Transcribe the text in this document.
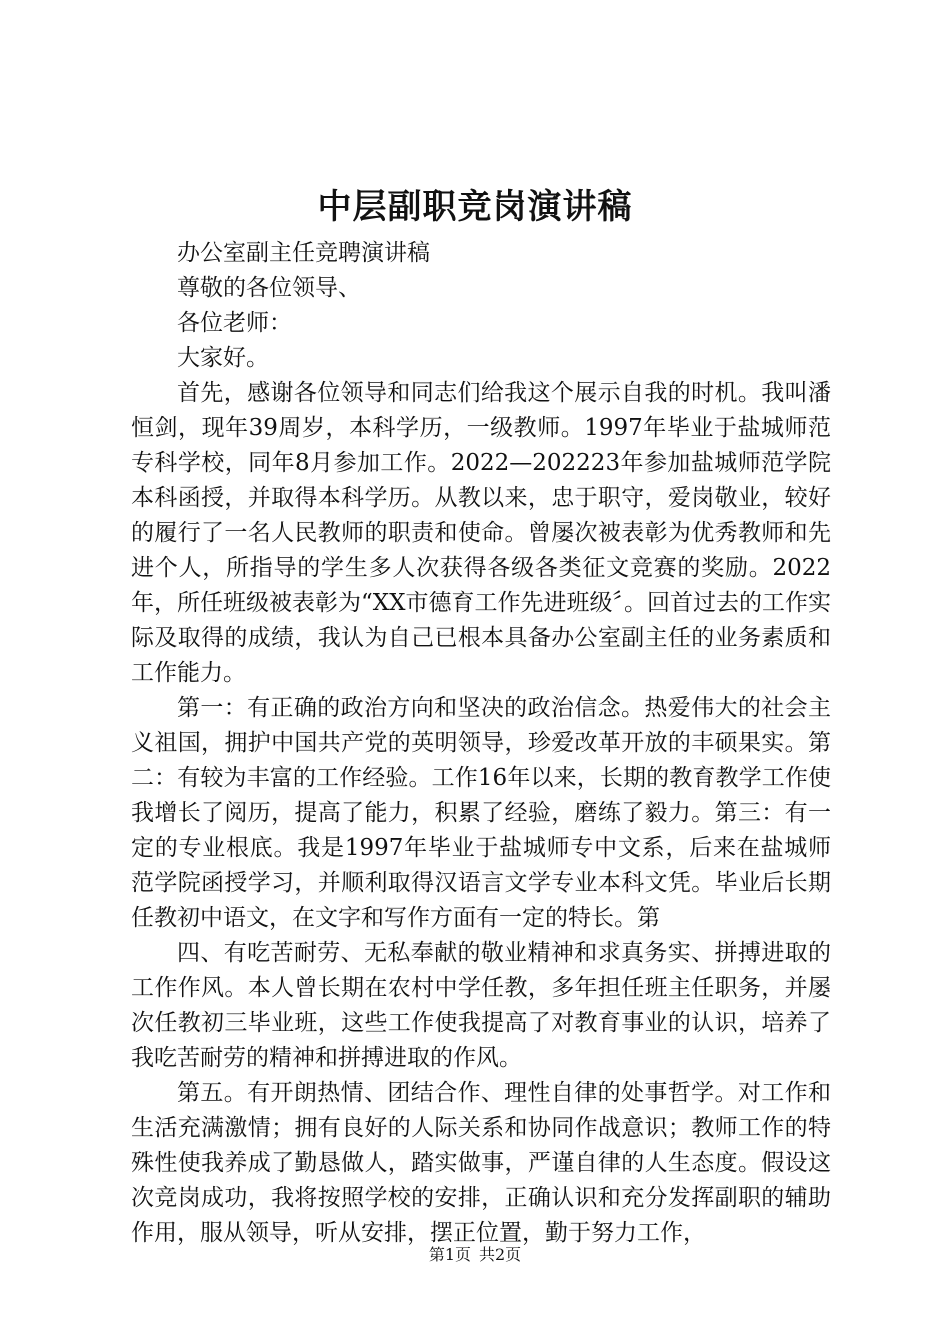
中层副职竞岗演讲稿

办公室副主任竞聘演讲稿

尊敬的各位领导、

各位老师：

大家好。

首先，感谢各位领导和同志们给我这个展示自我的时机。我叫潘恒剑，现年39周岁，本科学历，一级教师。1997年毕业于盐城师范专科学校，同年8月参加工作。2022—202223年参加盐城师范学院本科函授，并取得本科学历。从教以来，忠于职守，爱岗敬业，较好的履行了一名人民教师的职责和使命。曾屡次被表彰为优秀教师和先进个人，所指导的学生多人次获得各级各类征文竞赛的奖励。2022年，所任班级被表彰为“XX市德育工作先进班级〞。回首过去的工作实际及取得的成绩，我认为自己已根本具备办公室副主任的业务素质和工作能力。

第一：有正确的政治方向和坚决的政治信念。热爱伟大的社会主义祖国，拥护中国共产党的英明领导，珍爱改革开放的丰硕果实。第二：有较为丰富的工作经验。工作16年以来，长期的教育教学工作使我增长了阅历，提高了能力，积累了经验，磨练了毅力。第三：有一定的专业根底。我是1997年毕业于盐城师专中文系，后来在盐城师范学院函授学习，并顺利取得汉语言文学专业本科文凭。毕业后长期任教初中语文，在文字和写作方面有一定的特长。第

四、有吃苦耐劳、无私奉献的敬业精神和求真务实、拼搏进取的工作作风。本人曾长期在农村中学任教，多年担任班主任职务，并屡次任教初三毕业班，这些工作使我提高了对教育事业的认识，培养了我吃苦耐劳的精神和拼搏进取的作风。

第五。有开朗热情、团结合作、理性自律的处事哲学。对工作和生活充满激情；拥有良好的人际关系和协同作战意识；教师工作的特殊性使我养成了勤恳做人，踏实做事，严谨自律的人生态度。假设这次竞岗成功，我将按照学校的安排，正确认识和充分发挥副职的辅助作用，服从领导，听从安排，摆正位置，勤于努力工作，

第1页 共2页
